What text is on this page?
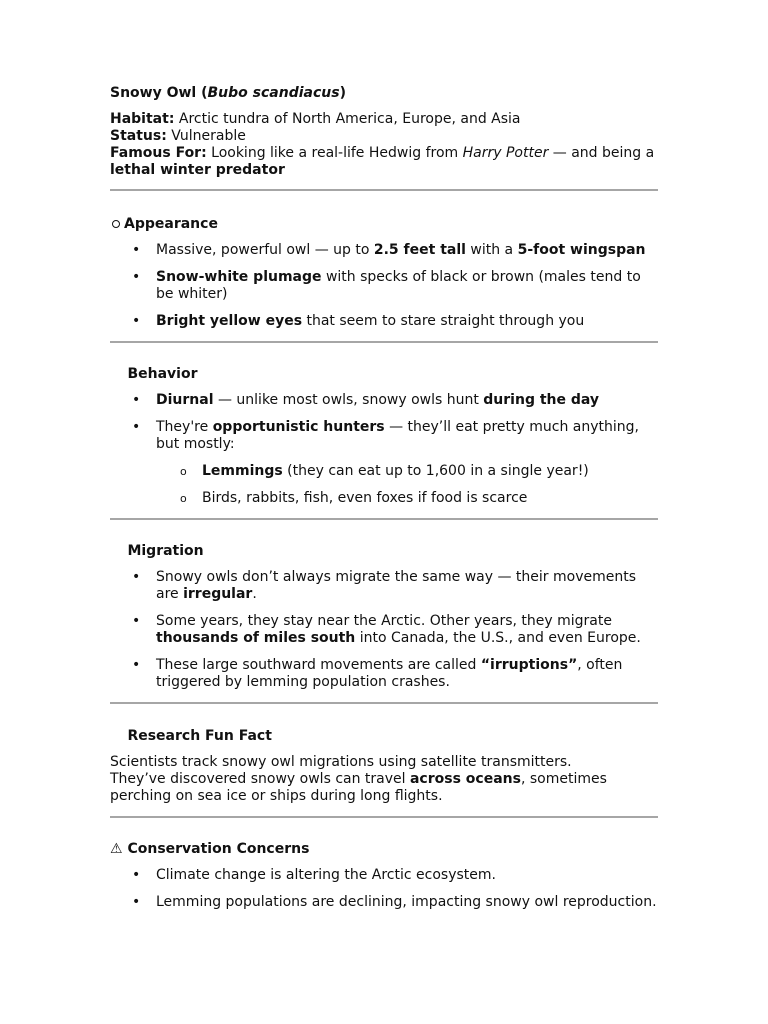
Snowy Owl (Bubo scandiacus)

Habitat: Arctic tundra of North America, Europe, and Asia

Status: Vulnerable

Famous For: Looking like a real-life Hedwig from Harry Potter — and being a lethal winter predator

Appearance

• Massive, powerful owl — up to 2.5 feet tall with a 5-foot wingspan
• Snow-white plumage with specks of black or brown (males tend to be whiter)
• Bright yellow eyes that seem to stare straight through you

Behavior

• Diurnal — unlike most owls, snowy owls hunt during the day
• They're opportunistic hunters — they’ll eat pretty much anything, but mostly:
o Lemmings (they can eat up to 1,600 in a single year!)
o Birds, rabbits, fish, even foxes if food is scarce

Migration

• Snowy owls don’t always migrate the same way — their movements are irregular.
• Some years, they stay near the Arctic. Other years, they migrate thousands of miles south into Canada, the U.S., and even Europe.
• These large southward movements are called “irruptions”, often triggered by lemming population crashes.

Research Fun Fact

Scientists track snowy owl migrations using satellite transmitters.
They’ve discovered snowy owls can travel across oceans, sometimes perching on sea ice or ships during long flights.

⚠ Conservation Concerns

• Climate change is altering the Arctic ecosystem.
• Lemming populations are declining, impacting snowy owl reproduction.
